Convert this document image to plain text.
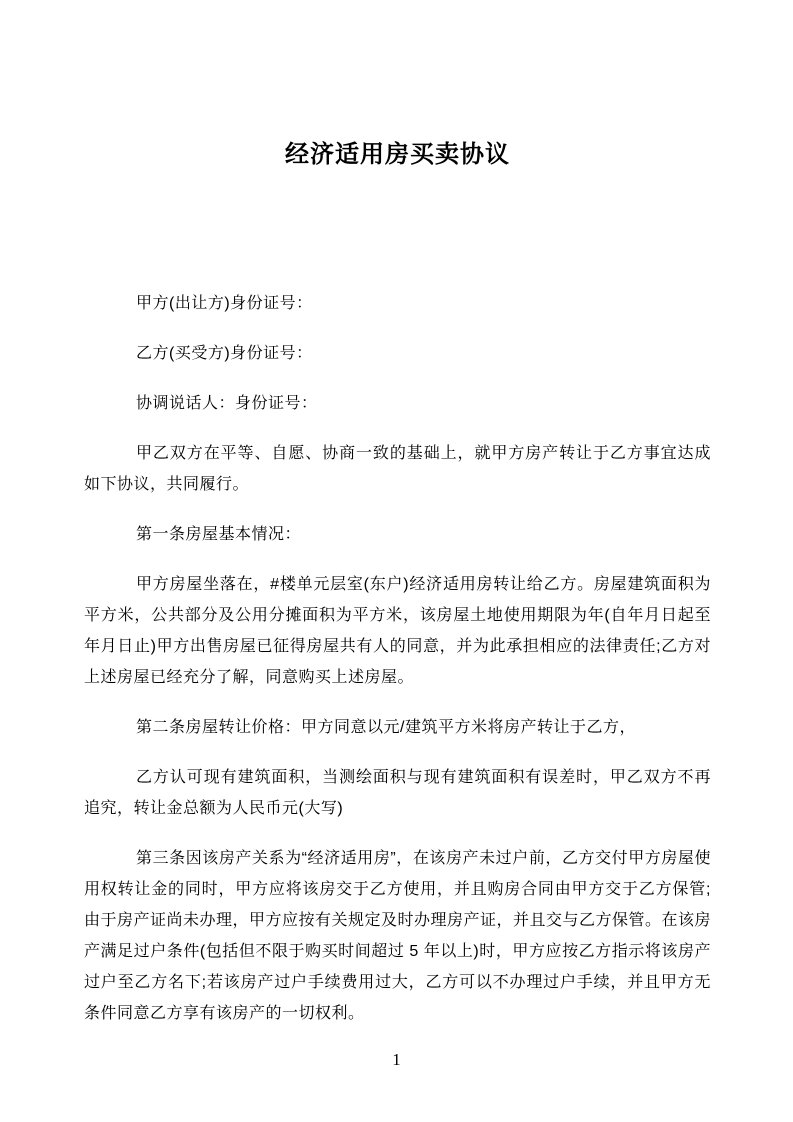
经济适用房买卖协议

甲方(出让方)身份证号：

乙方(买受方)身份证号：

协调说话人：身份证号：

甲乙双方在平等、自愿、协商一致的基础上，就甲方房产转让于乙方事宜达成如下协议，共同履行。

第一条房屋基本情况：

甲方房屋坐落在，#楼单元层室(东户)经济适用房转让给乙方。房屋建筑面积为平方米，公共部分及公用分摊面积为平方米，该房屋土地使用期限为年(自年月日起至年月日止)甲方出售房屋已征得房屋共有人的同意，并为此承担相应的法律责任;乙方对上述房屋已经充分了解，同意购买上述房屋。

第二条房屋转让价格：甲方同意以元/建筑平方米将房产转让于乙方，

乙方认可现有建筑面积，当测绘面积与现有建筑面积有误差时，甲乙双方不再追究，转让金总额为人民币元(大写)

第三条因该房产关系为“经济适用房”，在该房产未过户前，乙方交付甲方房屋使用权转让金的同时，甲方应将该房交于乙方使用，并且购房合同由甲方交于乙方保管;由于房产证尚未办理，甲方应按有关规定及时办理房产证，并且交与乙方保管。在该房产满足过户条件(包括但不限于购买时间超过 5 年以上)时，甲方应按乙方指示将该房产过户至乙方名下;若该房产过户手续费用过大，乙方可以不办理过户手续，并且甲方无条件同意乙方享有该房产的一切权利。

1
